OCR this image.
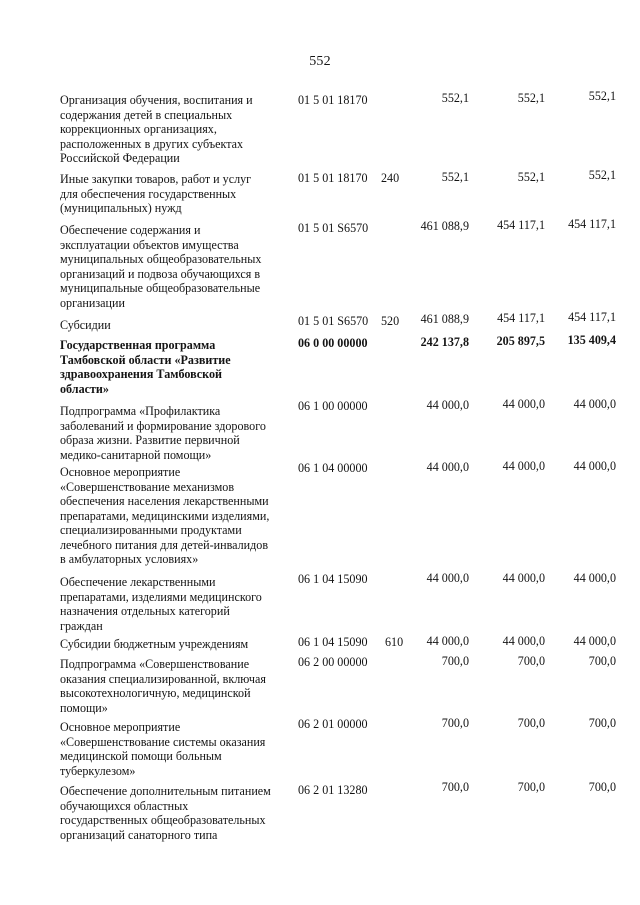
552
Организация обучения, воспитания и
содержания детей в специальных
коррекционных организациях,
расположенных в других субъектах
Российской Федерации
01 5 01 18170	552,1	552,1	552,1
Иные закупки товаров, работ и услуг
для обеспечения государственных
(муниципальных) нужд
01 5 01 18170 240	552,1	552,1	552,1
Обеспечение содержания и
эксплуатации объектов имущества
муниципальных общеобразовательных
организаций и подвоза обучающихся в
муниципальные общеобразовательные
организации
01 5 01 S6570	461 088,9	454 117,1	454 117,1
Субсидии	01 5 01 S6570 520	461 088,9	454 117,1	454 117,1
Государственная программа
Тамбовской области «Развитие
здравоохранения Тамбовской
области»
06 0 00 00000	242 137,8	205 897,5	135 409,4
Подпрограмма «Профилактика
заболеваний и формирование здорового
образа жизни. Развитие первичной
медико-санитарной помощи»
06 1 00 00000	44 000,0	44 000,0	44 000,0
Основное мероприятие
«Совершенствование механизмов
обеспечения населения лекарственными
препаратами, медицинскими изделиями,
специализированными продуктами
лечебного питания для детей-инвалидов
в амбулаторных условиях»
06 1 04 00000	44 000,0	44 000,0	44 000,0
Обеспечение лекарственными
препаратами, изделиями медицинского
назначения отдельных категорий
граждан
06 1 04 15090	44 000,0	44 000,0	44 000,0
Субсидии бюджетным учреждениям	06 1 04 15090 610	44 000,0	44 000,0	44 000,0
Подпрограмма «Совершенствование
оказания специализированной, включая
высокотехнологичную, медицинской
помощи»
06 2 00 00000	700,0	700,0	700,0
Основное мероприятие
«Совершенствование системы оказания
медицинской помощи больным
туберкулезом»
06 2 01 00000	700,0	700,0	700,0
Обеспечение дополнительным питанием
обучающихся областных
государственных общеобразовательных
организаций санаторного типа
06 2 01 13280	700,0	700,0	700,0
